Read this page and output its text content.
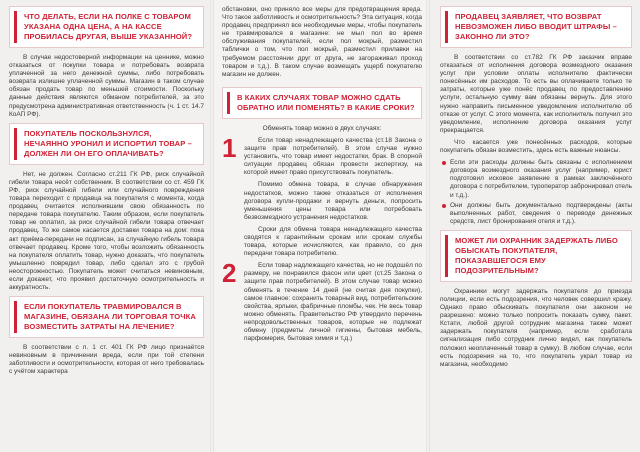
ЧТО ДЕЛАТЬ, ЕСЛИ НА ПОЛКЕ С ТОВАРОМ УКАЗАНА ОДНА ЦЕНА, А НА КАССЕ ПРОБИЛАСЬ ДРУГАЯ, ВЫШЕ УКАЗАННОЙ?

В случае недостоверной информации на ценнике, можно отказаться от покупки товара и потребовать возврата уплаченной за него денежной суммы, либо потребовать возврата излишне уплаченной суммы. Магазин в таком случае обязан продать товар по меньшей стоимости. Поскольку данные действия являются обманом потребителей, за это предусмотрена административная ответственность (ч. 1 ст. 14.7 КоАП РФ).

ПОКУПАТЕЛЬ ПОСКОЛЬЗНУЛСЯ, НЕЧАЯННО УРОНИЛ И ИСПОРТИЛ ТОВАР – ДОЛЖЕН ЛИ ОН ЕГО ОПЛАЧИВАТЬ?

Нет, не должен. Согласно ст.211 ГК РФ, риск случайной гибели товара несёт собственник. В соответствии со ст. 459 ГК РФ, риск случайной гибели или случайного повреждения товара переходит с продавца на покупателя с момента, когда продавец считается исполнившим свою обязанность по передаче товара покупателю. Таким образом, если покупатель товар не оплатил, за риск случайной гибели товара отвечает продавец. То же самое касается доставки товара на дом: пока акт приёма-передачи не подписан, за случайную гибель товара отвечает продавец. Кроме того, чтобы возложить обязанность на покупателя оплатить товар, нужно доказать, что покупатель умышленно повредил товар, либо сделал это с грубой неосторожностью. Покупатель может считаться невиновным, если докажет, что проявил достаточную осмотрительность и аккуратность.

ЕСЛИ ПОКУПАТЕЛЬ ТРАВМИРОВАЛСЯ В МАГАЗИНЕ, ОБЯЗАНА ЛИ ТОРГОВАЯ ТОЧКА ВОЗМЕСТИТЬ ЗАТРАТЫ НА ЛЕЧЕНИЕ?

В соответствии с п. 1 ст. 401 ГК РФ лицо признаётся невиновным в причинении вреда, если при той степени заботливости и осмотрительности, которая от него требовалась с учётом характера

обстановки, оно приняло все меры для предотвращения вреда. Что такое заботливость и осмотрительность? Эта ситуация, когда продавец предпринял все необходимые меры, чтобы покупатель не травмировался в магазине: не мыл пол во время обслуживания покупателей, если пол мокрый, разместил таблички о том, что пол мокрый, разместил прилавки на требуемом расстоянии друг от друга, не загораживал проход товаром и т.д.). В таком случае возмещать ущерб покупателю магазин не должен.

В КАКИХ СЛУЧАЯХ ТОВАР МОЖНО СДАТЬ ОБРАТНО ИЛИ ПОМЕНЯТЬ? В КАКИЕ СРОКИ?

Обменять товар можно в двух случаях:

1	Если товар ненадлежащего качества (ст.18 Закона о защите прав потребителей). В этом случае нужно установить, что товар имеет недостатки, брак. В спорной ситуации продавец обязан провести экспертизу, на которой имеет право присутствовать покупатель.

Помимо обмена товара, в случае обнаружения недостатков, можно также отказаться от исполнения договора купли-продажи и вернуть деньги, попросить уменьшения цены товара или потребовать безвозмездного устранения недостатков.

Сроки для обмена товара ненадлежащего качества сводятся к гарантийным срокам или срокам службы товара, которые исчисляются, как правило, со дня передачи товара потребителю.

2	Если товар надлежащего качества, но не подошёл по размеру, не понравился фасон или цвет (ст.25 Закона о защите прав потребителей). В этом случае товар можно обменять в течение 14 дней (не считая дня покупки), самое главное: сохранить товарный вид, потребительские свойства, ярлыки, фабричные пломбы, чек. Не весь товар можно обменять. Правительство РФ утвердило перечень непродовольственных товаров, которые не подлежат обмену (предметы личной гигиены, бытовая мебель, парфюмерия, бытовая химия и т.д.)

ПРОДАВЕЦ ЗАЯВЛЯЕТ, ЧТО ВОЗВРАТ НЕВОЗМОЖЕН ЛИБО ВВОДИТ ШТРАФЫ – ЗАКОННО ЛИ ЭТО?

В соответствии со ст.782 ГК РФ заказчик вправе отказаться от исполнения договора возмездного оказания услуг при условии оплаты исполнителю фактически понесённых им расходов. То есть вы оплачиваете только те затраты, которые уже понёс продавец по предоставлению услуги, остальную сумму вам обязаны вернуть. Для этого нужно направить письменное уведомление исполнителю об отказе от услуг. С этого момента, как исполнитель получил это уведомление, исполнение договора оказания услуг прекращается.

Что касается уже понесённых расходов, которые покупатель обязан возместить, здесь есть важные нюансы.

Если эти расходы должны быть связаны с исполнением договора возмездного оказания услуг (например, юрист подготовил исковое заявление в рамках заключённого договора с потребителем, туроператор забронировал отель и т.д.).
Они должны быть документально подтверждены (акты выполненных работ, сведения о переводе денежных средств, лист бронирования отеля и т.д.).
МОЖЕТ ЛИ ОХРАННИК ЗАДЕРЖАТЬ ЛИБО ОБЫСКАТЬ ПОКУПАТЕЛЯ, ПОКАЗАВШЕГОСЯ ЕМУ ПОДОЗРИТЕЛЬНЫМ?

Охранники могут задержать покупателя до приезда полиции, если есть подозрения, что человек совершил кражу. Однако право обыскивать покупателя они законом не разрешено: можно только попросить показать сумку, пакет. Кстати, любой другой сотрудник магазина также может задержать покупателя (например, если сработала сигнализация либо сотрудник лично видел, как покупатель положил неоплаченный товар в сумку). В любом случае, если есть подозрения на то, что покупатель украл товар из магазина, необходимо
